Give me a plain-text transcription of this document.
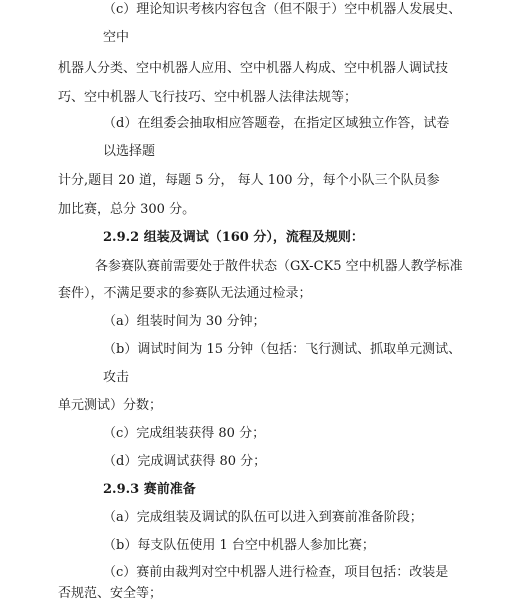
（c）理论知识考核内容包含（但不限于）空中机器人发展史、
空中
机器人分类、空中机器人应用、空中机器人构成、空中机器人调试技
巧、空中机器人飞行技巧、空中机器人法律法规等；
（d）在组委会抽取相应答题卷，在指定区域独立作答，试卷
以选择题
计分,题目 20 道，每题 5 分， 每人 100 分，每个小队三个队员参
加比赛，总分 300 分。
2.9.2 组装及调试（160 分），流程及规则：
各参赛队赛前需要处于散件状态（GX-CK5 空中机器人教学标准
套件），不满足要求的参赛队无法通过检录；
（a）组装时间为 30 分钟；
（b）调试时间为 15 分钟（包括：飞行测试、抓取单元测试、
攻击
单元测试）分数；
（c）完成组装获得 80 分；
（d）完成调试获得 80 分；
2.9.3 赛前准备
（a）完成组装及调试的队伍可以进入到赛前准备阶段；
（b）每支队伍使用 1 台空中机器人参加比赛；
（c）赛前由裁判对空中机器人进行检查，项目包括：改装是
否规范、安全等；
